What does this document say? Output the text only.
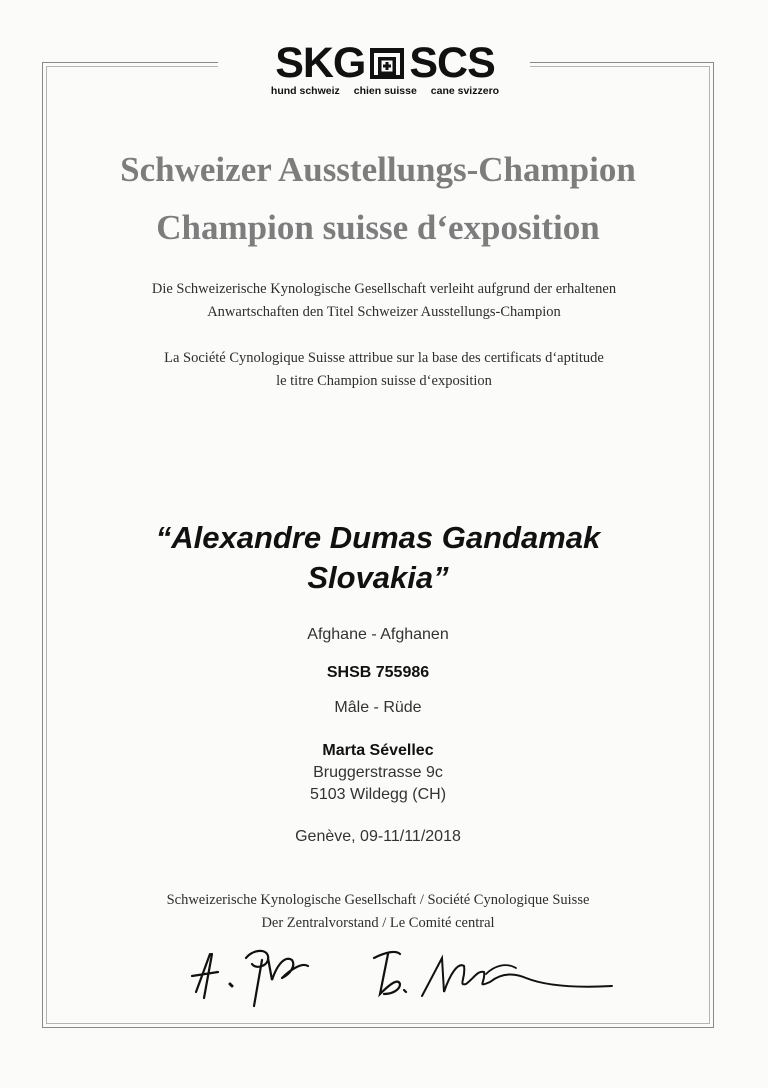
SKG SCS
hund schweiz chien suisse cane svizzero
Schweizer Ausstellungs-Champion
Champion suisse d‘exposition
Die Schweizerische Kynologische Gesellschaft verleiht aufgrund der erhaltenen
Anwartschaften den Titel Schweizer Ausstellungs-Champion
La Société Cynologique Suisse attribue sur la base des certificats d‘aptitude
le titre Champion suisse d‘exposition
“Alexandre Dumas Gandamak
Slovakia”
Afghane - Afghanen
SHSB 755986
Mâle - Rüde
Marta Sévellec
Bruggerstrasse 9c
5103 Wildegg (CH)
Genève, 09-11/11/2018
Schweizerische Kynologische Gesellschaft / Société Cynologique Suisse
Der Zentralvorstand / Le Comité central
